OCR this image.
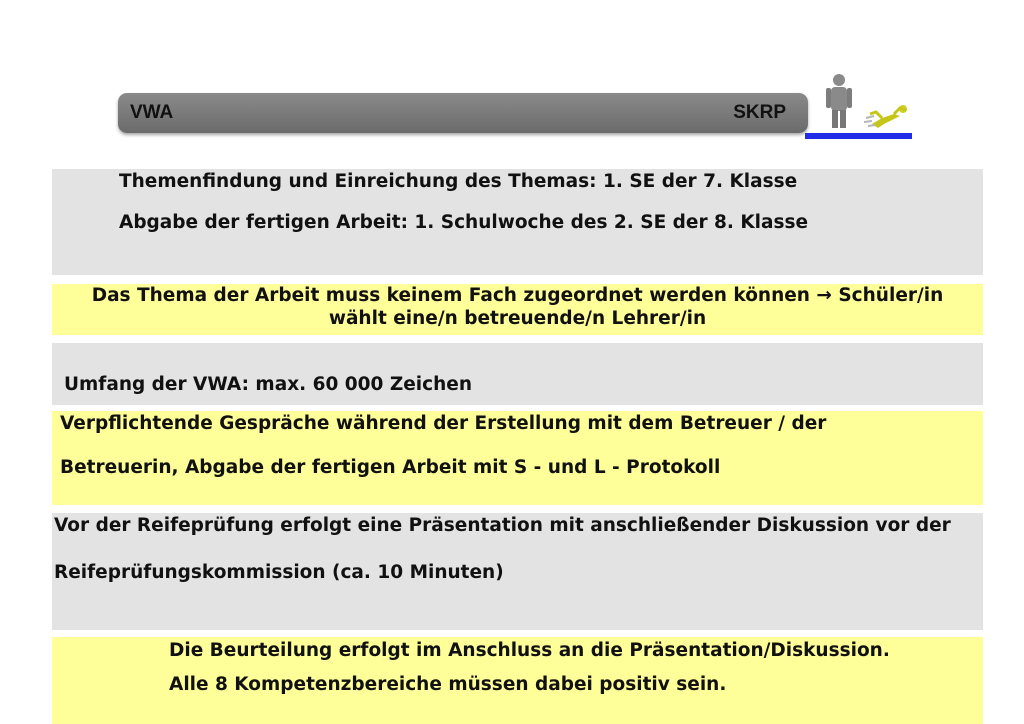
VWA	SKRP
Themenfindung und Einreichung des Themas: 1. SE der 7. Klasse
Abgabe der fertigen Arbeit: 1. Schulwoche des 2. SE der 8. Klasse
Das Thema der Arbeit muss keinem Fach zugeordnet werden können → Schüler/in wählt eine/n betreuende/n Lehrer/in
Umfang der VWA: max. 60 000 Zeichen
Verpflichtende Gespräche während der Erstellung mit dem Betreuer / der
Betreuerin, Abgabe der fertigen Arbeit mit S - und L - Protokoll
Vor der Reifeprüfung erfolgt eine Präsentation mit anschließender Diskussion vor der
Reifeprüfungskommission (ca. 10 Minuten)
Die Beurteilung erfolgt im Anschluss an die Präsentation/Diskussion.
Alle 8 Kompetenzbereiche müssen dabei positiv sein.
